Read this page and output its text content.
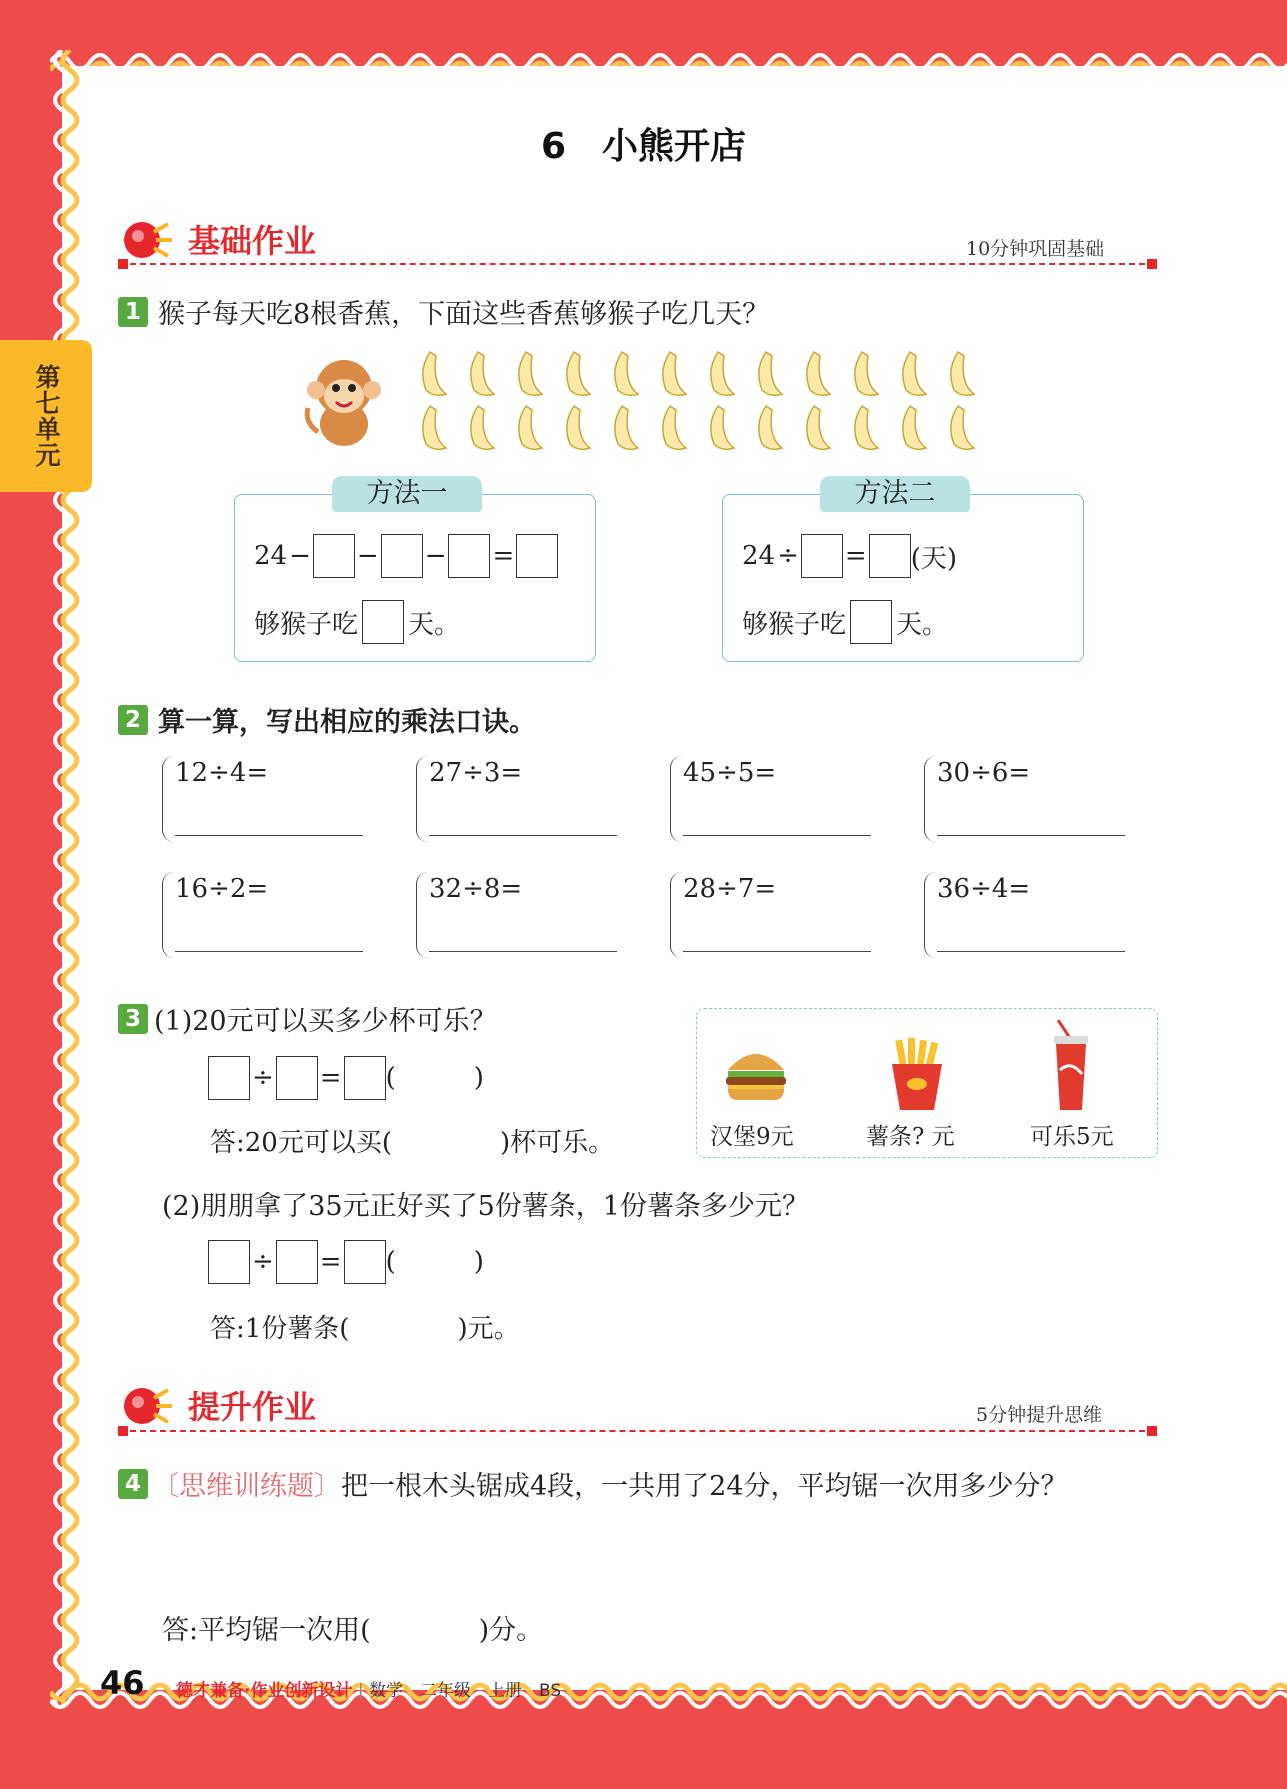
第七单元
6　小熊开店
基础作业	10分钟巩固基础
1 猴子每天吃8根香蕉，下面这些香蕉够猴子吃几天？
方法一
24 − − − =
够猴子吃 天。
方法二
24 ÷ = (天)
够猴子吃 天。
2 算一算，写出相应的乘法口诀。
12÷4=	27÷3=	45÷5=	30÷6=
16÷2=	32÷8=	28÷7=	36÷4=
3 (1)20元可以买多少杯可乐？
÷ = (	)
答:20元可以买(	)杯可乐。	汉堡9元	薯条? 元	可乐5元
(2)朋朋拿了35元正好买了5份薯条，1份薯条多少元？
÷ = (	)
答:1份薯条(	)元。
提升作业	5分钟提升思维
4 〔思维训练题〕 把一根木头锯成4段，一共用了24分，平均锯一次用多少分？
答:平均锯一次用(	)分。
46 德才兼备·作业创新设计 | 数学　二年级　上册　BS
